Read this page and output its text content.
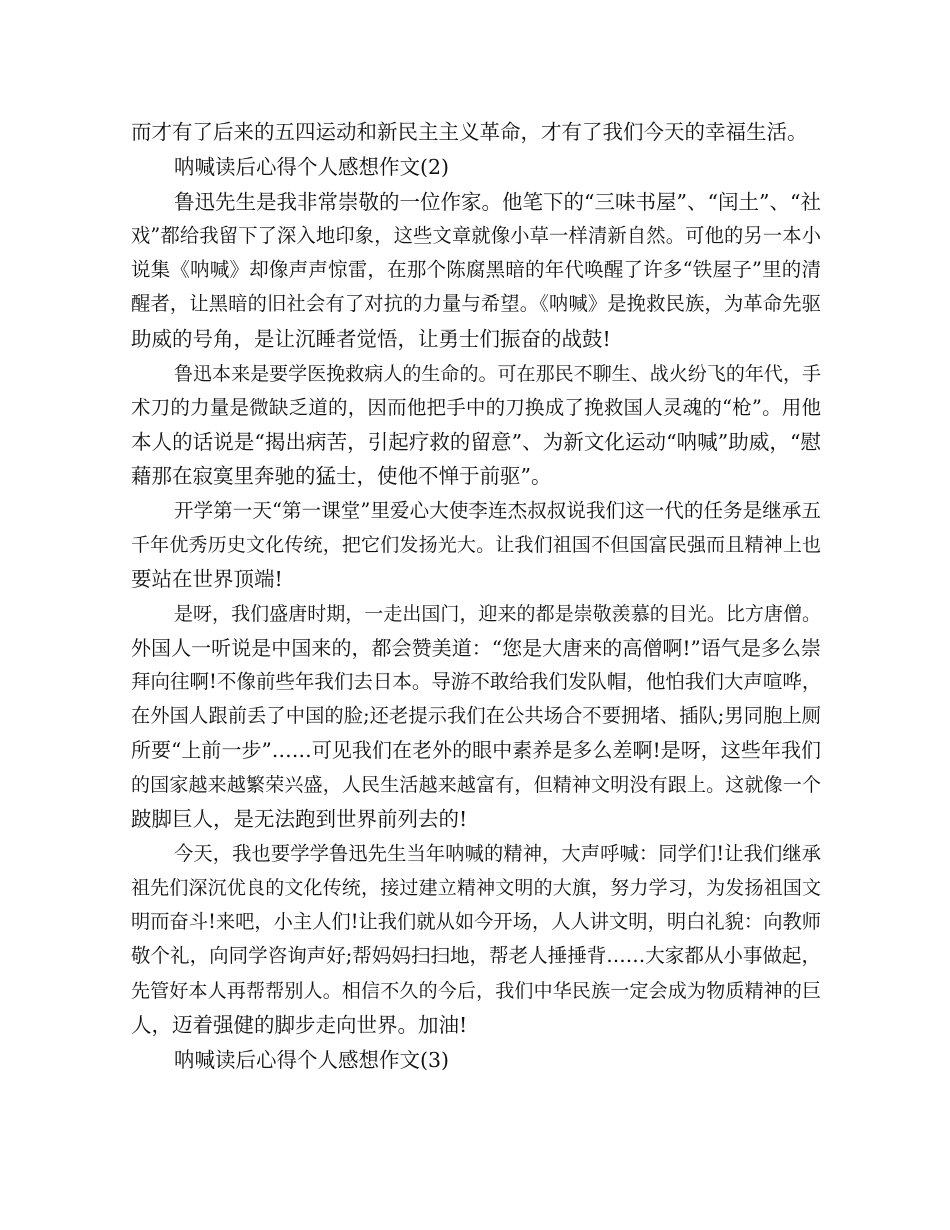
而才有了后来的五四运动和新民主主义革命，才有了我们今天的幸福生活。
呐喊读后心得个人感想作文(2)
鲁迅先生是我非常崇敬的一位作家。他笔下的“三味书屋”、“闰土”、“社
戏”都给我留下了深入地印象，这些文章就像小草一样清新自然。可他的另一本小
说集《呐喊》却像声声惊雷，在那个陈腐黑暗的年代唤醒了许多“铁屋子”里的清
醒者，让黑暗的旧社会有了对抗的力量与希望。《呐喊》是挽救民族，为革命先驱
助威的号角，是让沉睡者觉悟，让勇士们振奋的战鼓!
鲁迅本来是要学医挽救病人的生命的。可在那民不聊生、战火纷飞的年代，手
术刀的力量是微缺乏道的，因而他把手中的刀换成了挽救国人灵魂的“枪”。用他
本人的话说是“揭出病苦，引起疗救的留意”、为新文化运动“呐喊”助威，“慰
藉那在寂寞里奔驰的猛士，使他不惮于前驱”。
开学第一天“第一课堂”里爱心大使李连杰叔叔说我们这一代的任务是继承五
千年优秀历史文化传统，把它们发扬光大。让我们祖国不但国富民强而且精神上也
要站在世界顶端!
是呀，我们盛唐时期，一走出国门，迎来的都是崇敬羡慕的目光。比方唐僧。
外国人一听说是中国来的，都会赞美道：“您是大唐来的高僧啊!”语气是多么崇
拜向往啊!不像前些年我们去日本。导游不敢给我们发队帽，他怕我们大声喧哗，
在外国人跟前丢了中国的脸;还老提示我们在公共场合不要拥堵、插队;男同胞上厕
所要“上前一步”……可见我们在老外的眼中素养是多么差啊!是呀，这些年我们
的国家越来越繁荣兴盛，人民生活越来越富有，但精神文明没有跟上。这就像一个
跛脚巨人，是无法跑到世界前列去的!
今天，我也要学学鲁迅先生当年呐喊的精神，大声呼喊：同学们!让我们继承
祖先们深沉优良的文化传统，接过建立精神文明的大旗，努力学习，为发扬祖国文
明而奋斗!来吧，小主人们!让我们就从如今开场，人人讲文明，明白礼貌：向教师
敬个礼，向同学咨询声好;帮妈妈扫扫地，帮老人捶捶背……大家都从小事做起，
先管好本人再帮帮别人。相信不久的今后，我们中华民族一定会成为物质精神的巨
人，迈着强健的脚步走向世界。加油!
呐喊读后心得个人感想作文(3)
